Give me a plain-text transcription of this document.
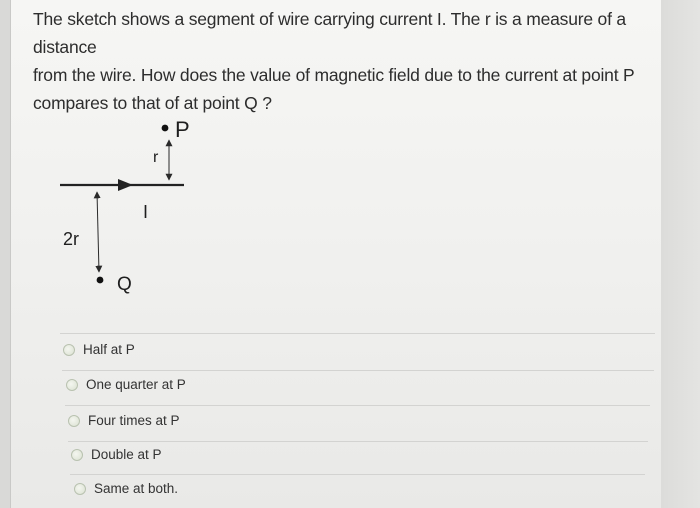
The sketch shows a segment of wire carrying current I. The r is a measure of a distance
from the wire. How does the value of magnetic field due to the current at point P
compares to that of at point Q ?
P
r
I
2r
Q
Half at P
One quarter at P
Four times at P
Double at P
Same at both.
